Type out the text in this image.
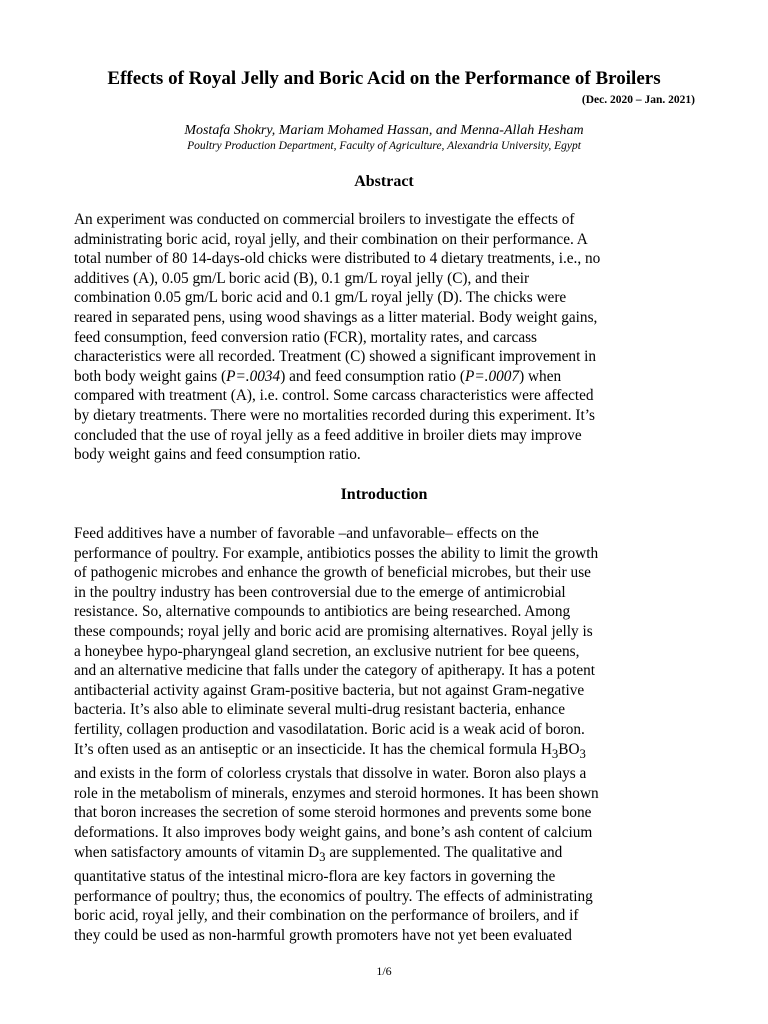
Effects of Royal Jelly and Boric Acid on the Performance of Broilers
(Dec. 2020 – Jan. 2021)
Mostafa Shokry, Mariam Mohamed Hassan, and Menna-Allah Hesham
Poultry Production Department, Faculty of Agriculture, Alexandria University, Egypt
Abstract
An experiment was conducted on commercial broilers to investigate the effects of
administrating boric acid, royal jelly, and their combination on their performance. A
total number of 80 14-days-old chicks were distributed to 4 dietary treatments, i.e., no
additives (A), 0.05 gm/L boric acid (B), 0.1 gm/L royal jelly (C), and their
combination 0.05 gm/L boric acid and 0.1 gm/L royal jelly (D). The chicks were
reared in separated pens, using wood shavings as a litter material. Body weight gains,
feed consumption, feed conversion ratio (FCR), mortality rates, and carcass
characteristics were all recorded. Treatment (C) showed a significant improvement in
both body weight gains (P=.0034) and feed consumption ratio (P=.0007) when
compared with treatment (A), i.e. control. Some carcass characteristics were affected
by dietary treatments. There were no mortalities recorded during this experiment. It’s
concluded that the use of royal jelly as a feed additive in broiler diets may improve
body weight gains and feed consumption ratio.
Introduction
Feed additives have a number of favorable –and unfavorable– effects on the
performance of poultry. For example, antibiotics posses the ability to limit the growth
of pathogenic microbes and enhance the growth of beneficial microbes, but their use
in the poultry industry has been controversial due to the emerge of antimicrobial
resistance. So, alternative compounds to antibiotics are being researched. Among
these compounds; royal jelly and boric acid are promising alternatives. Royal jelly is
a honeybee hypo-pharyngeal gland secretion, an exclusive nutrient for bee queens,
and an alternative medicine that falls under the category of apitherapy. It has a potent
antibacterial activity against Gram-positive bacteria, but not against Gram-negative
bacteria. It’s also able to eliminate several multi-drug resistant bacteria, enhance
fertility, collagen production and vasodilatation. Boric acid is a weak acid of boron.
It’s often used as an antiseptic or an insecticide. It has the chemical formula $H_3BO_3$
and exists in the form of colorless crystals that dissolve in water. Boron also plays a
role in the metabolism of minerals, enzymes and steroid hormones. It has been shown
that boron increases the secretion of some steroid hormones and prevents some bone
deformations. It also improves body weight gains, and bone’s ash content of calcium
when satisfactory amounts of vitamin $D_3$ are supplemented. The qualitative and
quantitative status of the intestinal micro-flora are key factors in governing the
performance of poultry; thus, the economics of poultry. The effects of administrating
boric acid, royal jelly, and their combination on the performance of broilers, and if
they could be used as non-harmful growth promoters have not yet been evaluated
1/6
